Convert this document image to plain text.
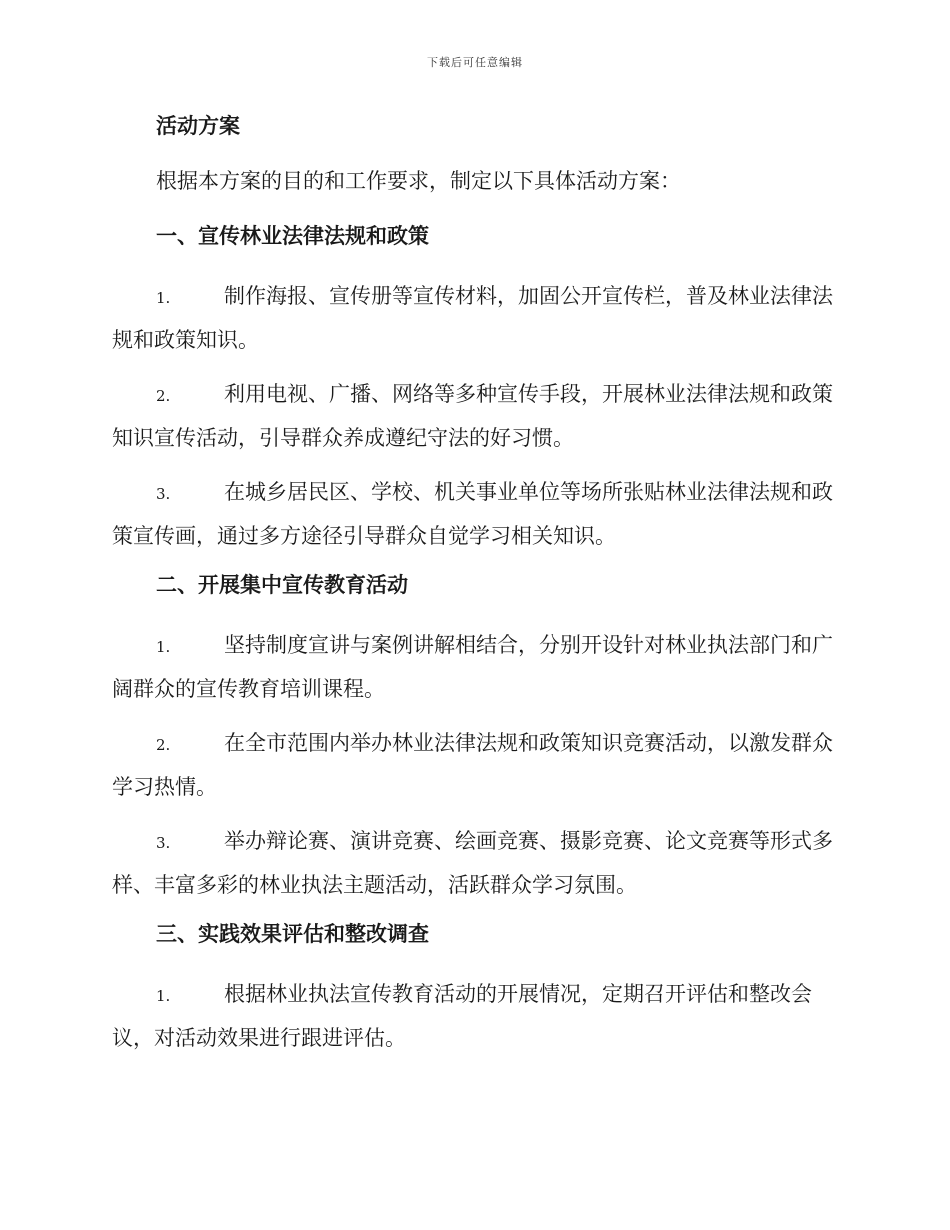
下载后可任意编辑

活动方案

根据本方案的目的和工作要求，制定以下具体活动方案：

一、宣传林业法律法规和政策

1.	制作海报、宣传册等宣传材料，加固公开宣传栏，普及林业法律法规和政策知识。

2.	利用电视、广播、网络等多种宣传手段，开展林业法律法规和政策知识宣传活动，引导群众养成遵纪守法的好习惯。

3.	在城乡居民区、学校、机关事业单位等场所张贴林业法律法规和政策宣传画，通过多方途径引导群众自觉学习相关知识。

二、开展集中宣传教育活动

1.	坚持制度宣讲与案例讲解相结合，分别开设针对林业执法部门和广阔群众的宣传教育培训课程。

2.	在全市范围内举办林业法律法规和政策知识竞赛活动，以激发群众学习热情。

3.	举办辩论赛、演讲竞赛、绘画竞赛、摄影竞赛、论文竞赛等形式多样、丰富多彩的林业执法主题活动，活跃群众学习氛围。

三、实践效果评估和整改调查

1.	根据林业执法宣传教育活动的开展情况，定期召开评估和整改会议，对活动效果进行跟进评估。
